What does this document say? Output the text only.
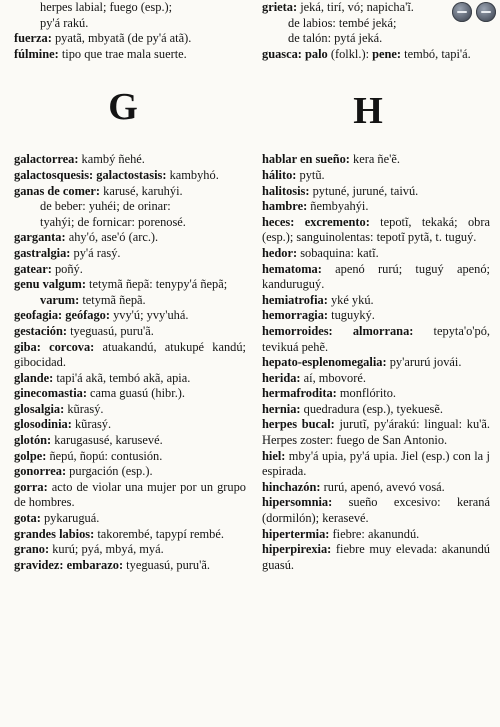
herpes labial; fuego (esp.);

py'á rakú.

fuerza: pyatã, mbyatã (de py'á atã).

fúlmine: tipo que trae mala suerte.

G

galactorrea: kambý ñehé.

galactosquesis: galactostasis: kambyhó.

ganas de comer: karusé, karuhýi.
de beber: yuhéi; de orinar:
tyahýi; de fornicar: porenosé.

garganta: ahy'ó, ase'ó (arc.).

gastralgia: py'á rasý.

gatear: poñý.

genu valgum: tetymã ñepã: tenypy'á ñepã;

varum: tetymã ñepã.

geofagia: geófago: yvy'ú; yvy'uhá.

gestación: tyeguasú, puru'ã.

giba: corcova: atuakandú, atukupé kandú; gibocidad.

glande: tapi'á akã, tembó akã, apia.

ginecomastia: cama guasú (hibr.).

glosalgia: kũrasý.

glosodinia: kũrasý.

glotón: karugasusé, karusevé.

golpe: ñepú, ñopú: contusión.

gonorrea: purgación (esp.).

gorra: acto de violar una mujer por un grupo de hombres.

gota: pykaruguá.

grandes labios: takorembé, tapypí rembé.

grano: kurú; pyá, mbyá, myá.

gravidez: embarazo: tyeguasú, puru'ã.

grieta: jeká, tirí, vó; napicha'ĩ.
de labios: tembé jeká;
de talón: pytá jeká.

guasca: palo (folkl.): pene: tembó, tapi'á.

H

hablar en sueño: kera ñe'ẽ.

hálito: pytũ.

halitosis: pytuné, juruné, taivú.

hambre: ñembyahýi.

heces: excremento: tepotĩ, tekaká; obra (esp.); sanguinolentas: tepotĩ pytã, t. tuguý.

hedor: sobaquina: katĩ.

hematoma: apenó rurú; tuguý apenó; kanduruguý.

hemiatrofia: yké ykú.

hemorragia: tuguyký.

hemorroides: almorrana: tepyta'o'pó, tevikuá pehẽ.

hepato-esplenomegalia: py'arurú jovái.

herida: aí, mbovoré.

hermafrodita: monflórito.

hernia: quedradura (esp.), tyekuesẽ.

herpes bucal: jurutĩ, py'árakú: lingual: ku'ã. Herpes zoster: fuego de San Antonio.

hiel: mby'á upia, py'á upia. Jiel (esp.) con la j espirada.

hinchazón: rurú, apenó, avevó vosá.

hipersomnia: sueño excesivo: keraná (dormilón); kerasevé.

hipertermia: fiebre: akanundú.

hiperpirexia: fiebre muy elevada: akanundú guasú.
